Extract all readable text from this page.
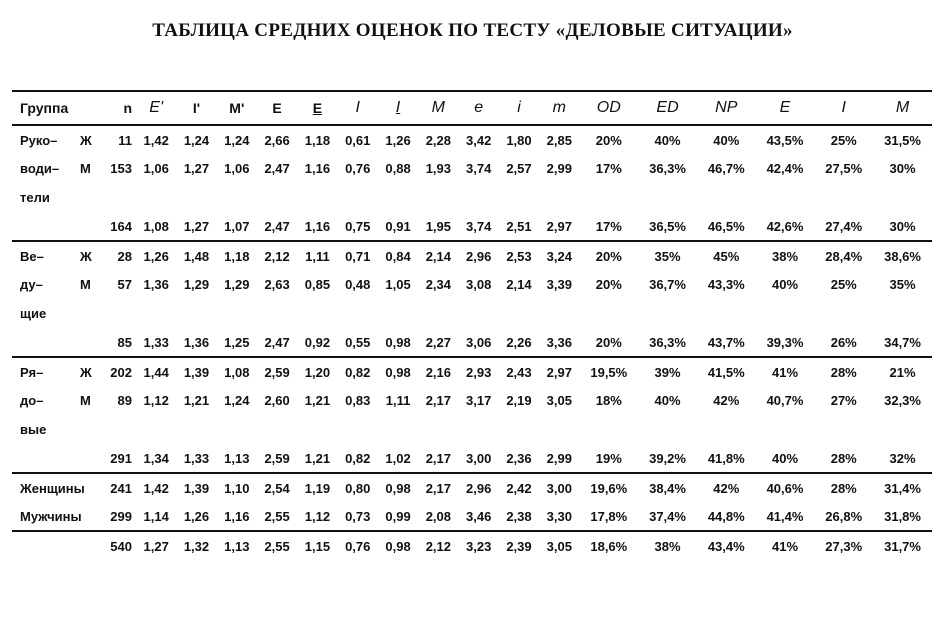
ТАБЛИЦА СРЕДНИХ ОЦЕНОК ПО ТЕСТУ «ДЕЛОВЫЕ СИТУАЦИИ»
Группа		n	E'	I'	M'	E	E	I	I	M	e	i	m	OD	ED	NP	E	I	M
Руко–	Ж	11	1,42	1,24	1,24	2,66	1,18	0,61	1,26	2,28	3,42	1,80	2,85	20%	40%	40%	43,5%	25%	31,5%
води–	М	153	1,06	1,27	1,06	2,47	1,16	0,76	0,88	1,93	3,74	2,57	2,99	17%	36,3%	46,7%	42,4%	27,5%	30%
тели																			
		164	1,08	1,27	1,07	2,47	1,16	0,75	0,91	1,95	3,74	2,51	2,97	17%	36,5%	46,5%	42,6%	27,4%	30%
Ве–	Ж	28	1,26	1,48	1,18	2,12	1,11	0,71	0,84	2,14	2,96	2,53	3,24	20%	35%	45%	38%	28,4%	38,6%
ду–	М	57	1,36	1,29	1,29	2,63	0,85	0,48	1,05	2,34	3,08	2,14	3,39	20%	36,7%	43,3%	40%	25%	35%
щие																			
		85	1,33	1,36	1,25	2,47	0,92	0,55	0,98	2,27	3,06	2,26	3,36	20%	36,3%	43,7%	39,3%	26%	34,7%
Ря–	Ж	202	1,44	1,39	1,08	2,59	1,20	0,82	0,98	2,16	2,93	2,43	2,97	19,5%	39%	41,5%	41%	28%	21%
до–	М	89	1,12	1,21	1,24	2,60	1,21	0,83	1,11	2,17	3,17	2,19	3,05	18%	40%	42%	40,7%	27%	32,3%
вые																			
		291	1,34	1,33	1,13	2,59	1,21	0,82	1,02	2,17	3,00	2,36	2,99	19%	39,2%	41,8%	40%	28%	32%
Женщины		241	1,42	1,39	1,10	2,54	1,19	0,80	0,98	2,17	2,96	2,42	3,00	19,6%	38,4%	42%	40,6%	28%	31,4%
Мужчины		299	1,14	1,26	1,16	2,55	1,12	0,73	0,99	2,08	3,46	2,38	3,30	17,8%	37,4%	44,8%	41,4%	26,8%	31,8%
		540	1,27	1,32	1,13	2,55	1,15	0,76	0,98	2,12	3,23	2,39	3,05	18,6%	38%	43,4%	41%	27,3%	31,7%
